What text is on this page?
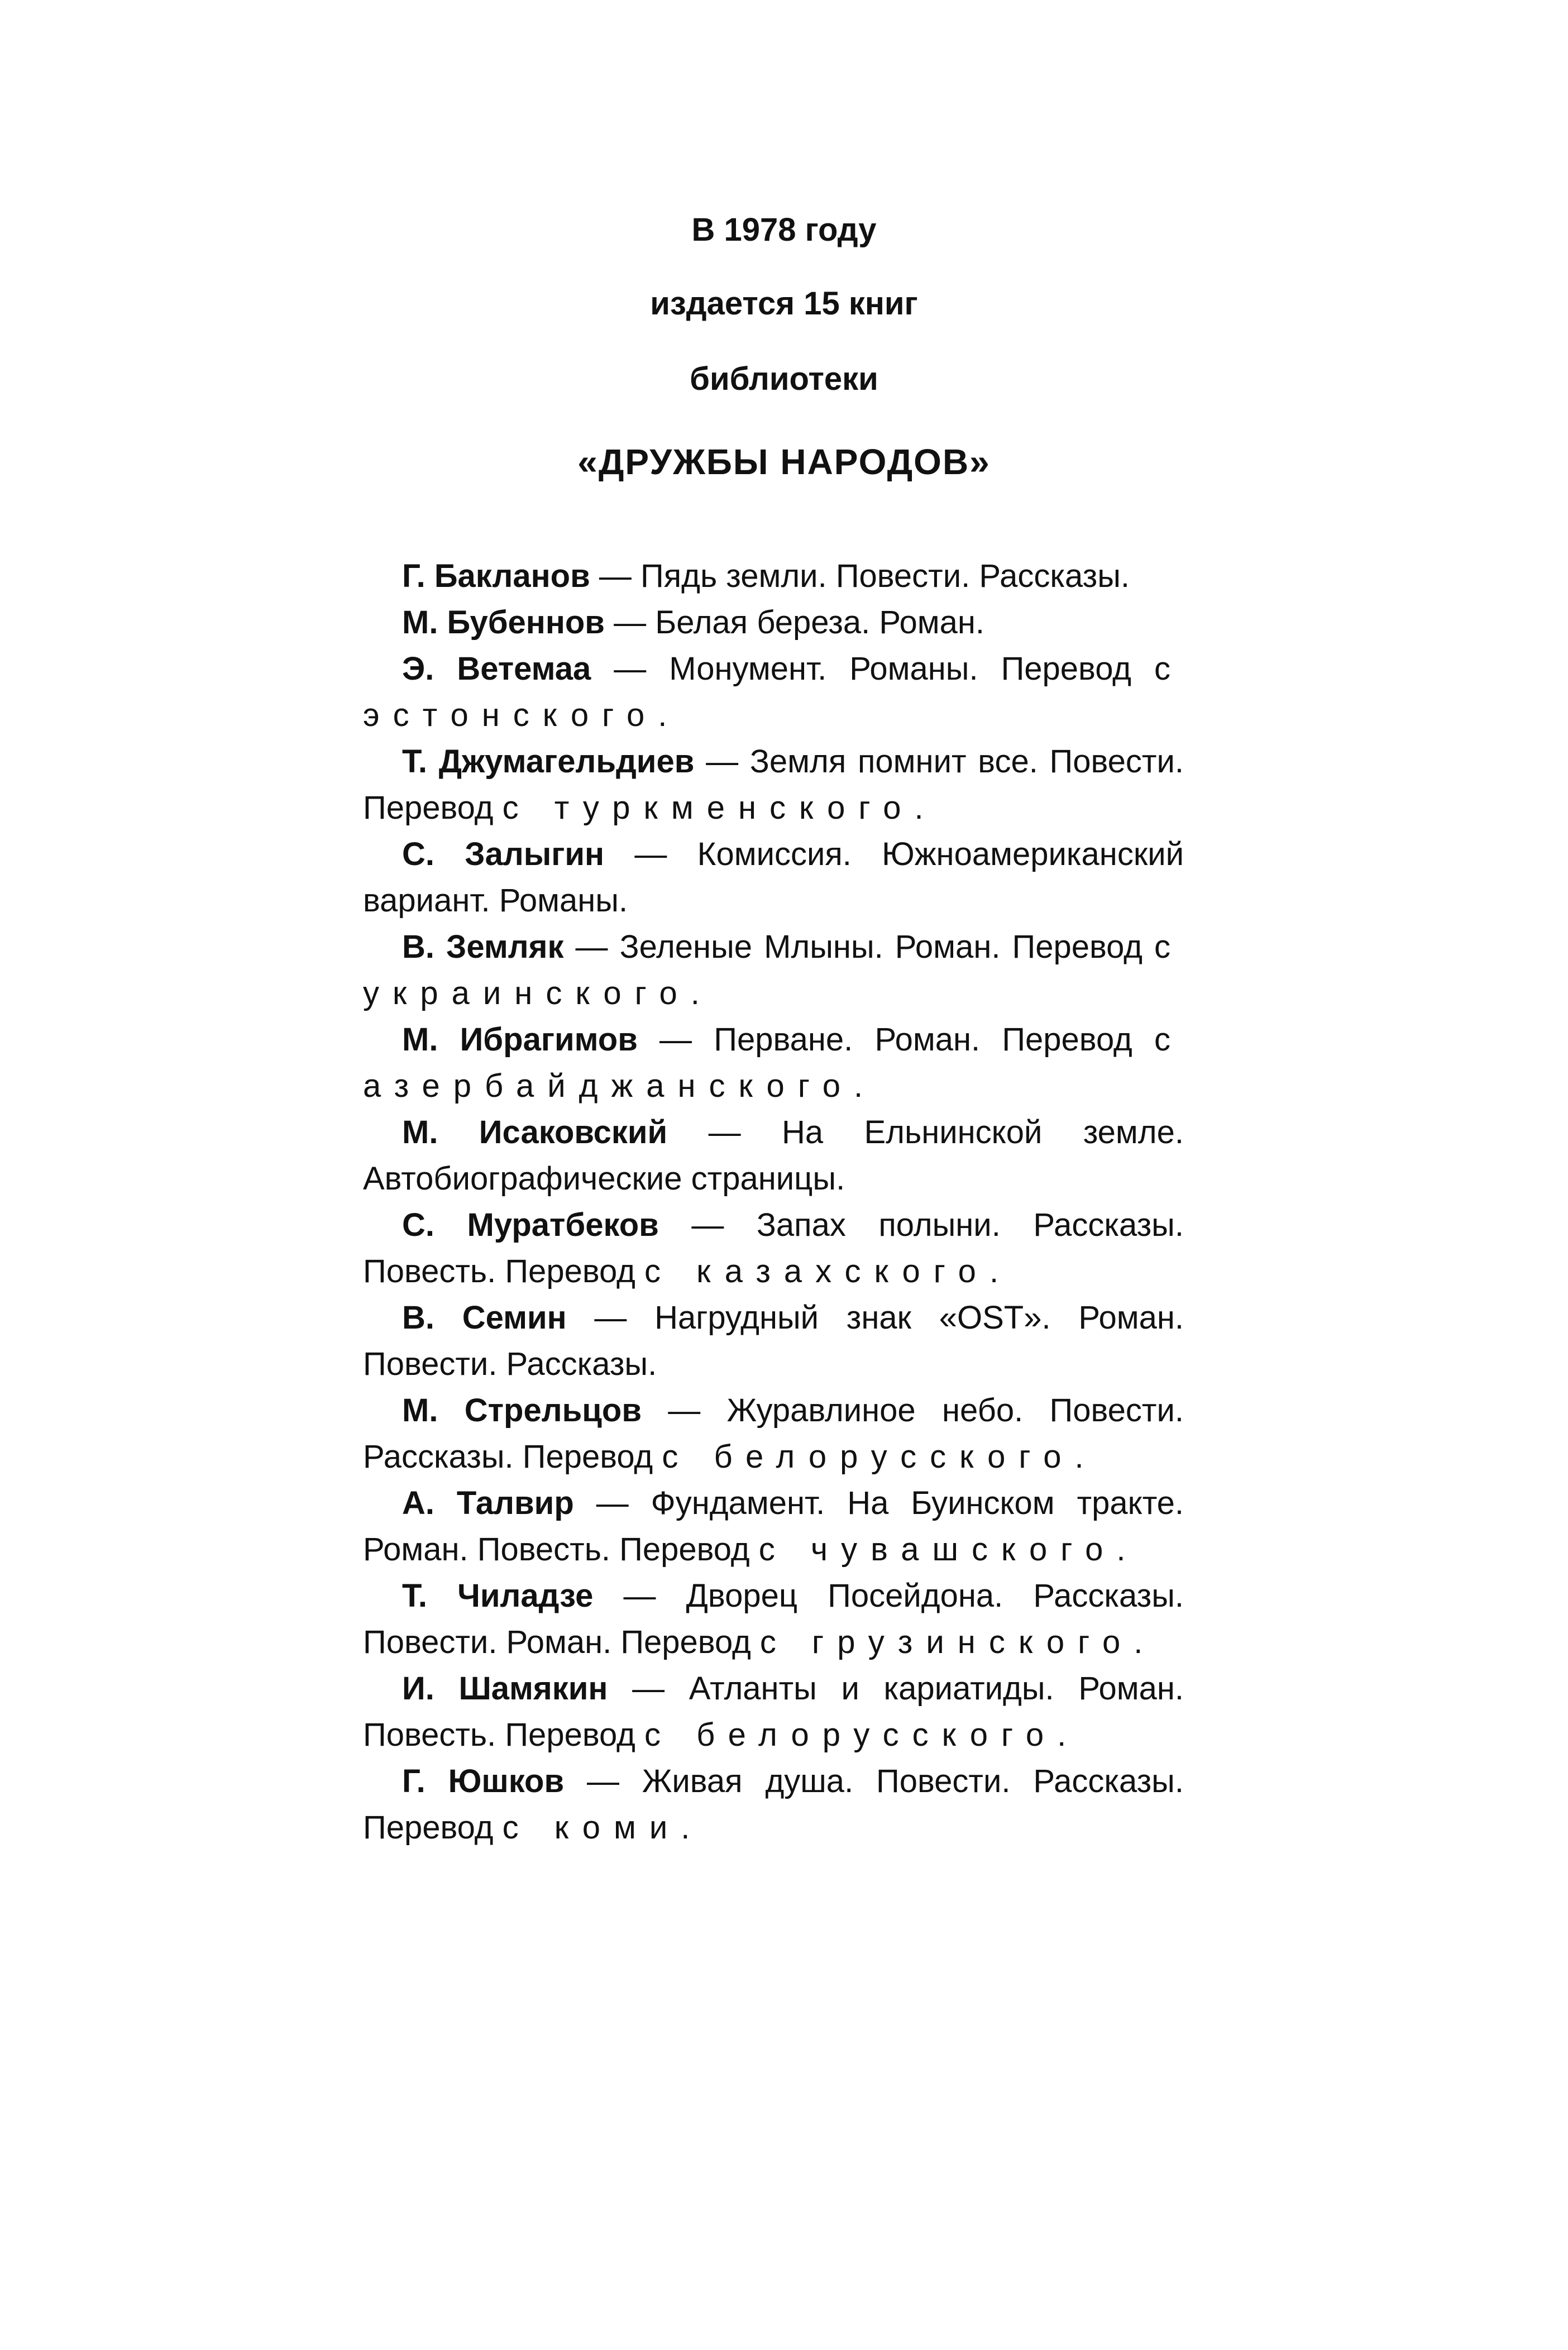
В 1978 году
издается 15 книг
библиотеки
«ДРУЖБЫ НАРОДОВ»
Г. Бакланов — Пядь земли. Повести. Рассказы.
М. Бубеннов — Белая береза. Роман.
Э. Ветемаа — Монумент. Романы. Перевод с эстонского.
Т. Джумагельдиев — Земля помнит все. Повести. Перевод с туркменского.
С. Залыгин — Комиссия. Южноамериканский вариант. Романы.
В. Земляк — Зеленые Млыны. Роман. Перевод с украинского.
М. Ибрагимов — Перване. Роман. Перевод с азербайджанского.
М. Исаковский — На Ельнинской земле. Автобиографические страницы.
С. Муратбеков — Запах полыни. Рассказы. Повесть. Перевод с казахского.
В. Семин — Нагрудный знак «OST». Роман. Повести. Рассказы.
М. Стрельцов — Журавлиное небо. Повести. Рассказы. Перевод с белорусского.
А. Талвир — Фундамент. На Буинском тракте. Роман. Повесть. Перевод с чувашского.
Т. Чиладзе — Дворец Посейдона. Рассказы. Повести. Роман. Перевод с грузинского.
И. Шамякин — Атланты и кариатиды. Роман. Повесть. Перевод с белорусского.
Г. Юшков — Живая душа. Повести. Рассказы. Перевод с коми.
